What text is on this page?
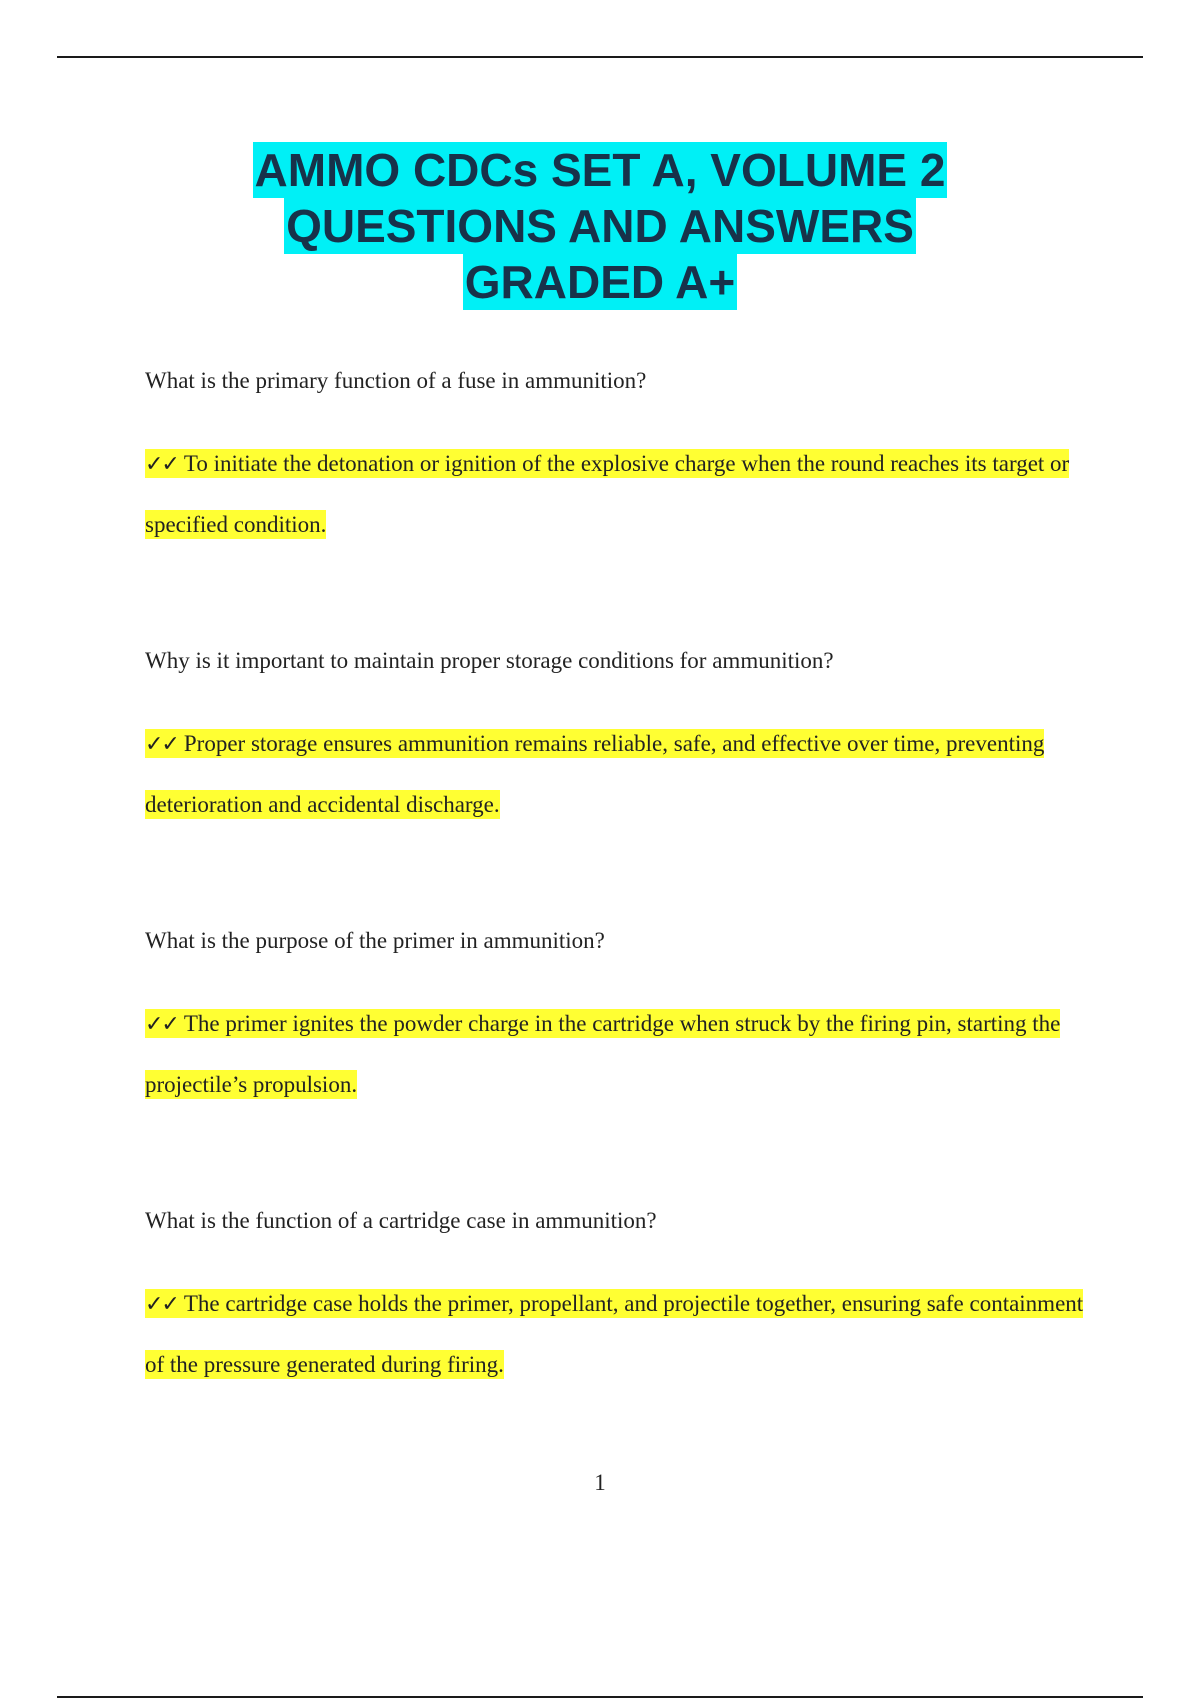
AMMO CDCs SET A, VOLUME 2
QUESTIONS AND ANSWERS
GRADED A+

What is the primary function of a fuse in ammunition?

✓✓ To initiate the detonation or ignition of the explosive charge when the round reaches its target or specified condition.

Why is it important to maintain proper storage conditions for ammunition?

✓✓ Proper storage ensures ammunition remains reliable, safe, and effective over time, preventing deterioration and accidental discharge.

What is the purpose of the primer in ammunition?

✓✓ The primer ignites the powder charge in the cartridge when struck by the firing pin, starting the projectile’s propulsion.

What is the function of a cartridge case in ammunition?

✓✓ The cartridge case holds the primer, propellant, and projectile together, ensuring safe containment of the pressure generated during firing.

1
